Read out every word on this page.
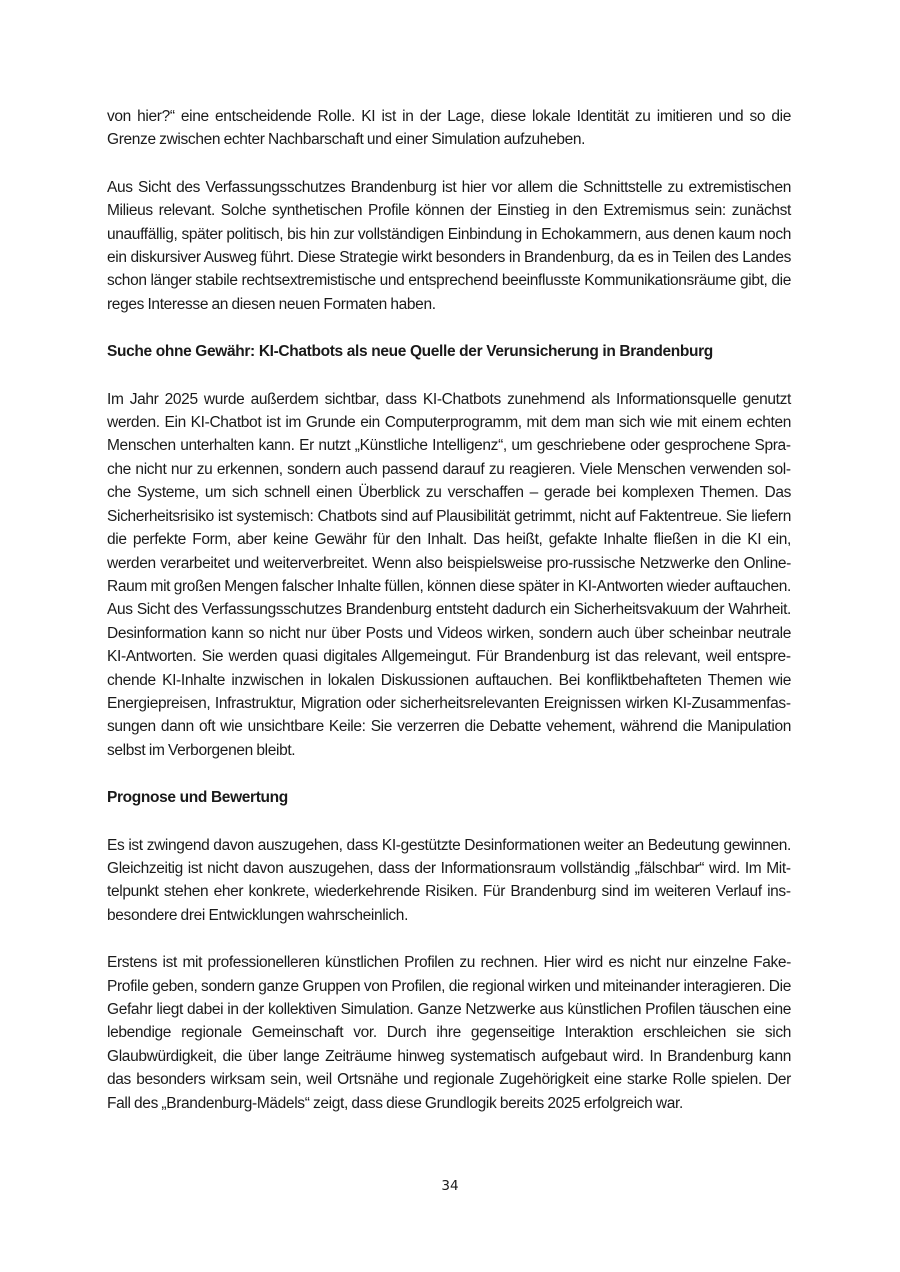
von hier?“ eine entscheidende Rolle. KI ist in der Lage, diese lokale Identität zu imitieren und so die Grenze zwischen echter Nachbarschaft und einer Simulation aufzuheben.

Aus Sicht des Verfassungsschutzes Brandenburg ist hier vor allem die Schnittstelle zu extremistischen Milieus relevant. Solche synthetischen Profile können der Einstieg in den Extremismus sein: zunächst unauffällig, später politisch, bis hin zur vollständigen Einbindung in Echokammern, aus denen kaum noch ein diskursiver Ausweg führt. Diese Strategie wirkt besonders in Brandenburg, da es in Teilen des Landes schon länger stabile rechtsextremistische und entsprechend beeinflusste Kommunikationsräume gibt, die reges Interesse an diesen neuen Formaten haben.

Suche ohne Gewähr: KI-Chatbots als neue Quelle der Verunsicherung in Brandenburg

Im Jahr 2025 wurde außerdem sichtbar, dass KI-Chatbots zunehmend als Informationsquelle genutzt werden. Ein KI-Chatbot ist im Grunde ein Computerprogramm, mit dem man sich wie mit einem echten Menschen unterhalten kann. Er nutzt „Künstliche Intelligenz“, um geschriebene oder gesprochene Sprache nicht nur zu erkennen, sondern auch passend darauf zu reagieren. Viele Menschen verwenden solche Systeme, um sich schnell einen Überblick zu verschaffen – gerade bei komplexen Themen. Das Sicherheitsrisiko ist systemisch: Chatbots sind auf Plausibilität getrimmt, nicht auf Faktentreue. Sie liefern die perfekte Form, aber keine Gewähr für den Inhalt. Das heißt, gefakte Inhalte fließen in die KI ein, werden verarbeitet und weiterverbreitet. Wenn also beispielsweise pro-russische Netzwerke den Online-Raum mit großen Mengen falscher Inhalte füllen, können diese später in KI-Antworten wieder auftauchen. Aus Sicht des Verfassungsschutzes Brandenburg entsteht dadurch ein Sicherheitsvakuum der Wahrheit. Desinformation kann so nicht nur über Posts und Videos wirken, sondern auch über scheinbar neutrale KI-Antworten. Sie werden quasi digitales Allgemeingut. Für Brandenburg ist das relevant, weil entsprechende KI-Inhalte inzwischen in lokalen Diskussionen auftauchen. Bei konfliktbehafteten Themen wie Energiepreisen, Infrastruktur, Migration oder sicherheitsrelevanten Ereignissen wirken KI-Zusammenfassungen dann oft wie unsichtbare Keile: Sie verzerren die Debatte vehement, während die Manipulation selbst im Verborgenen bleibt.

Prognose und Bewertung

Es ist zwingend davon auszugehen, dass KI-gestützte Desinformationen weiter an Bedeutung gewinnen. Gleichzeitig ist nicht davon auszugehen, dass der Informationsraum vollständig „fälschbar“ wird. Im Mittelpunkt stehen eher konkrete, wiederkehrende Risiken. Für Brandenburg sind im weiteren Verlauf insbesondere drei Entwicklungen wahrscheinlich.

Erstens ist mit professionelleren künstlichen Profilen zu rechnen. Hier wird es nicht nur einzelne Fake-Profile geben, sondern ganze Gruppen von Profilen, die regional wirken und miteinander interagieren. Die Gefahr liegt dabei in der kollektiven Simulation. Ganze Netzwerke aus künstlichen Profilen täuschen eine lebendige regionale Gemeinschaft vor. Durch ihre gegenseitige Interaktion erschleichen sie sich Glaubwürdigkeit, die über lange Zeiträume hinweg systematisch aufgebaut wird. In Brandenburg kann das besonders wirksam sein, weil Ortsnähe und regionale Zugehörigkeit eine starke Rolle spielen. Der Fall des „Brandenburg-Mädels“ zeigt, dass diese Grundlogik bereits 2025 erfolgreich war.

34
